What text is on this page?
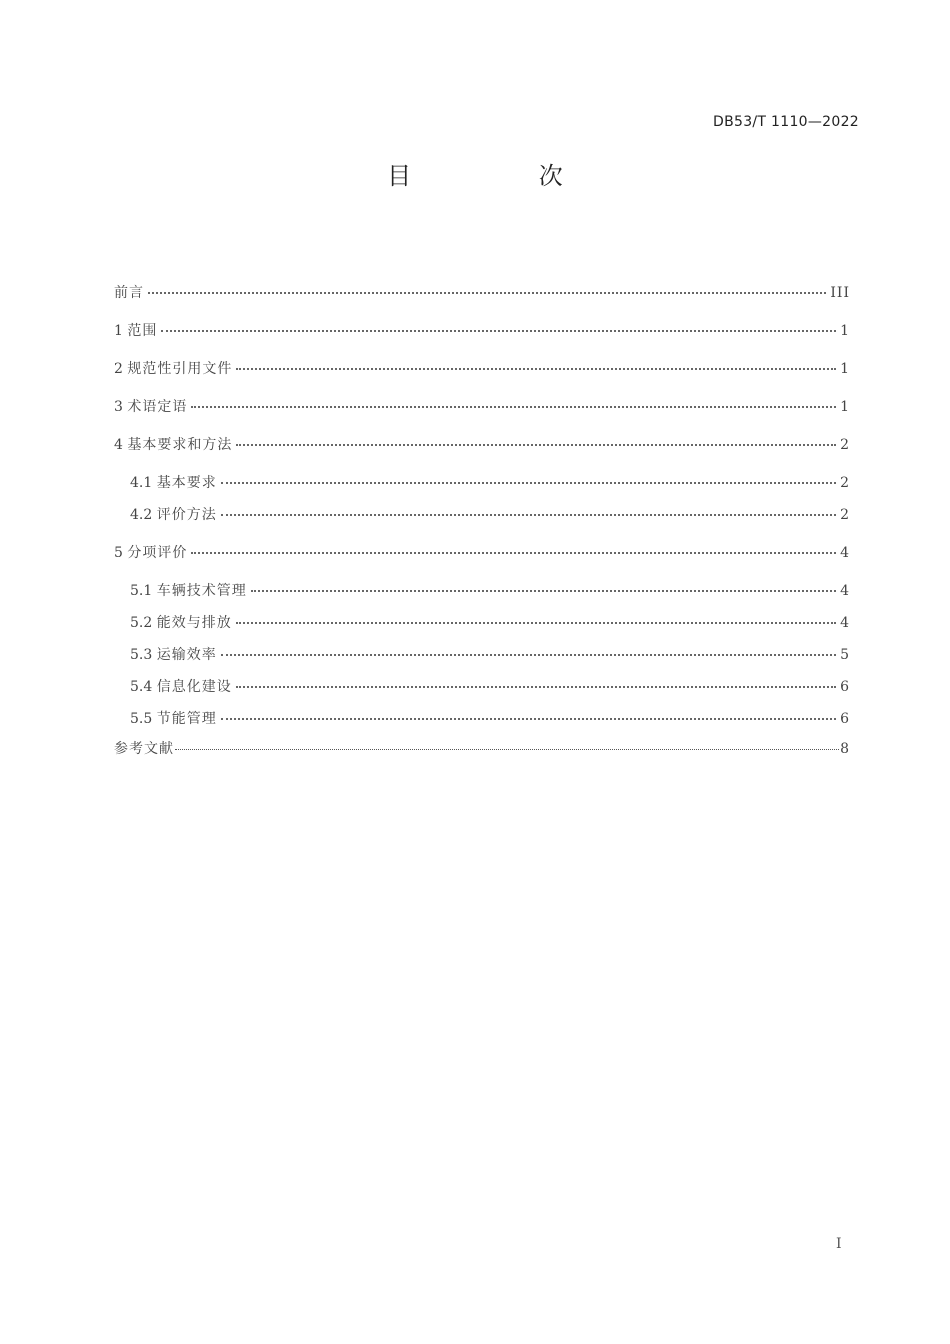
DB53/T 1110—2022
目 次
前言	III
1 范围	1
2 规范性引用文件	1
3 术语定语	1
4 基本要求和方法	2
4.1 基本要求	2
4.2 评价方法	2
5 分项评价	4
5.1 车辆技术管理	4
5.2 能效与排放	4
5.3 运输效率	5
5.4 信息化建设	6
5.5 节能管理	6
参考文献	8
I
